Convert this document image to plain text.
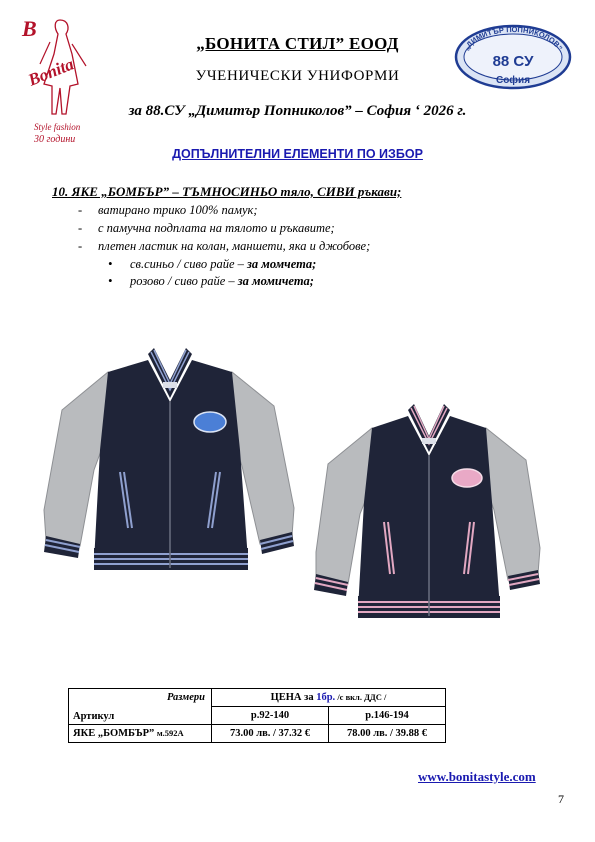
B
Bonita
Style fashion
30 години
„ДИМИТЪР ПОПНИКОЛОВ”
88 СУ
София
„БОНИТА СТИЛ” ЕООД
УЧЕНИЧЕСКИ УНИФОРМИ
за 88.СУ „Димитър Попниколов” – София ‘ 2026 г.
ДОПЪЛНИТЕЛНИ ЕЛЕМЕНТИ ПО ИЗБОР
10. ЯКЕ „БОМБЪР” – ТЪМНОСИНЬО тяло, СИВИ ръкави;
- ватирано трико 100% памук;
- с памучна подплата на тялото и ръкавите;
- плетен ластик на колан, маншети, яка и джобове;
• св.синьо / сиво райе – за момчета;
• розово / сиво райе – за момичета;
Размери
Артикул	ЦЕНА за 1бр. /с вкл. ДДС /	
	р.92-140	р.146-194
ЯКЕ „БОМБЪР” м.592А	73.00 лв. / 37.32 €	78.00 лв. / 39.88 €
www.bonitastyle.com
7
